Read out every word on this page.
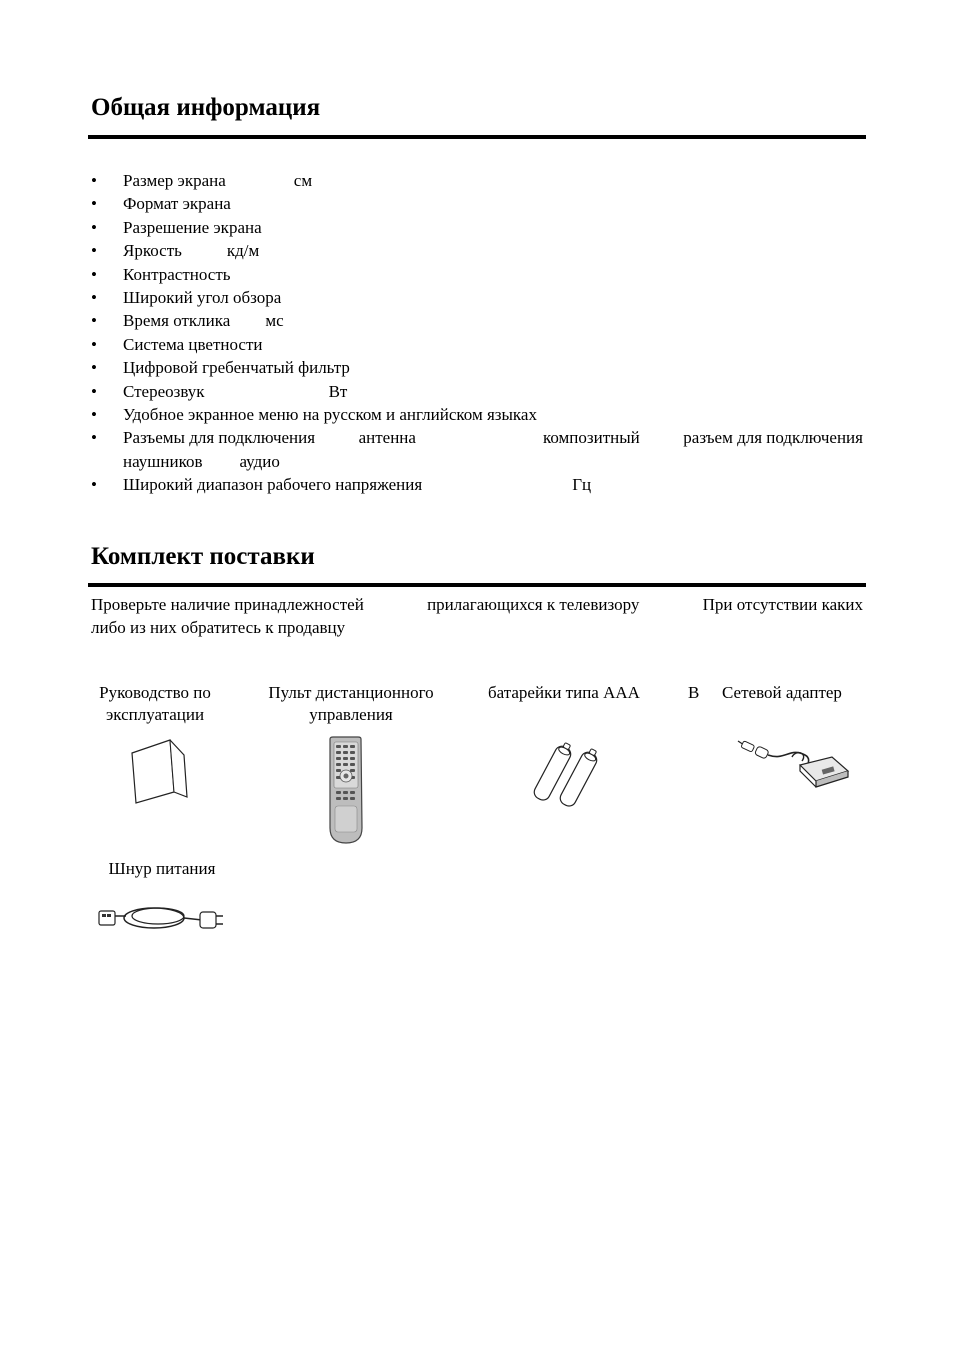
Общая информация
• Размер экрана	см
• Формат экрана
• Разрешение экрана
• Яркость	кд/м
• Контрастность
• Широкий угол обзора
• Время отклика мс
• Система цветности
• Цифровой гребенчатый фильтр
• Стереозвук	Вт
• Удобное экранное меню на русском и английском языках
• Разъемы для подключения	антенна	композитный	разъем для подключения
наушников аудио
• Широкий диапазон рабочего напряжения	Гц
Комплект поставки
Проверьте наличие принадлежностей	прилагающихся к телевизору	При отсутствии каких
либо из них обратитесь к продавцу
Руководство по
эксплуатации
Пульт дистанционного
управления
батарейки типа AAA	В	Сетевой адаптер
Шнур питания
